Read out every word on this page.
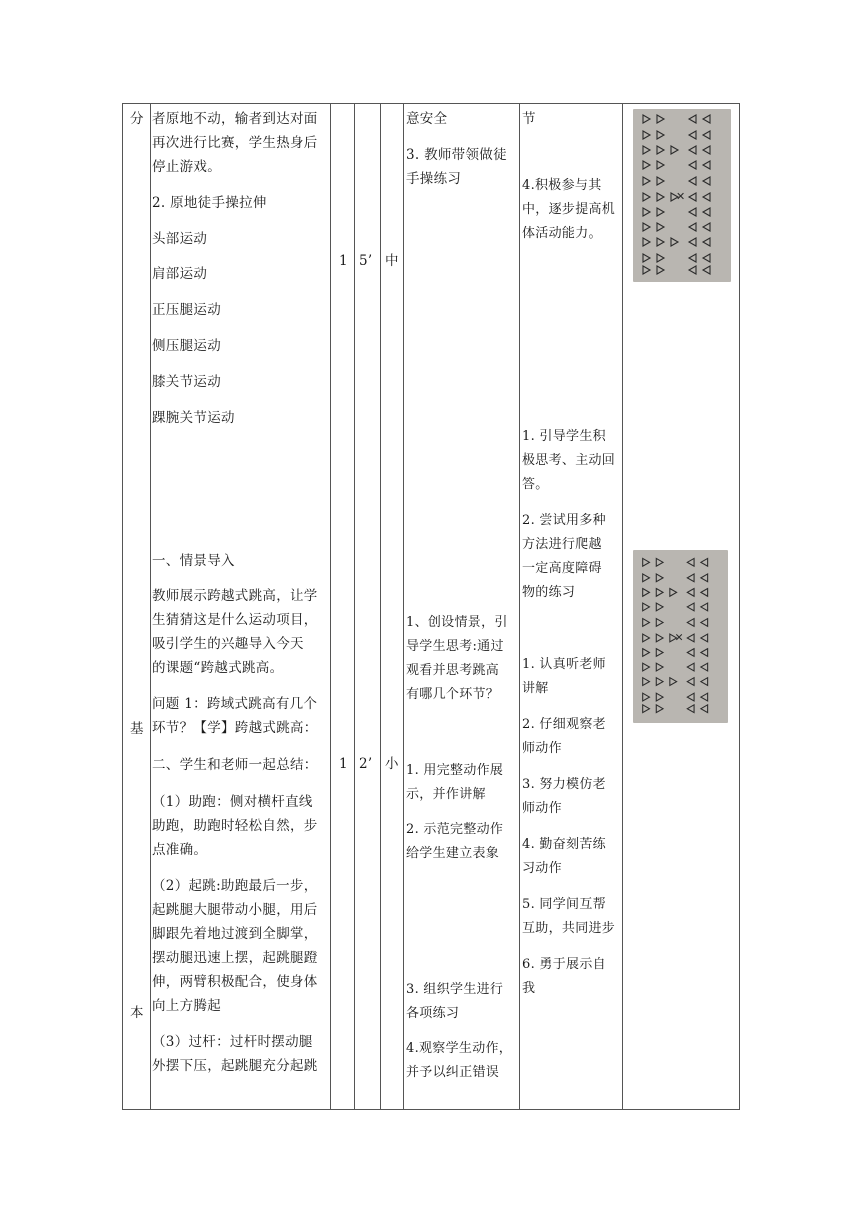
分
基
本
者原地不动，输者到达对面
再次进行比赛，学生热身后
停止游戏。
2. 原地徒手操拉伸
头部运动
肩部运动
正压腿运动
侧压腿运动
膝关节运动
踝腕关节运动
一、情景导入
教师展示跨越式跳高，让学
生猜猜这是什么运动项目，
吸引学生的兴趣导入今天
的课题“跨越式跳高。
问题 1：跨域式跳高有几个
环节？【学】跨越式跳高：
二、学生和老师一起总结：
（1）助跑：侧对横杆直线
助跑，助跑时轻松自然，步
点准确。
（2）起跳:助跑最后一步，
起跳腿大腿带动小腿，用后
脚跟先着地过渡到全脚掌，
摆动腿迅速上摆，起跳腿蹬
伸，两臂积极配合，使身体
向上方腾起
（3）过杆：过杆时摆动腿
外摆下压，起跳腿充分起跳
1 5’ 中
1 2’ 小
意安全
3. 教师带领做徒
手操练习
1、创设情景，引
导学生思考:通过
观看并思考跳高
有哪几个环节？
1. 用完整动作展
示，并作讲解
2. 示范完整动作
给学生建立表象
3. 组织学生进行
各项练习
4.观察学生动作，
并予以纠正错误
节
4.积极参与其
中，逐步提高机
体活动能力。
1. 引导学生积
极思考、主动回
答。
2. 尝试用多种
方法进行爬越
一定高度障碍
物的练习
1. 认真听老师
讲解
2. 仔细观察老
师动作
3. 努力模仿老
师动作
4. 勤奋刻苦练
习动作
5. 同学间互帮
互助，共同进步
6. 勇于展示自
我
✕
✕
